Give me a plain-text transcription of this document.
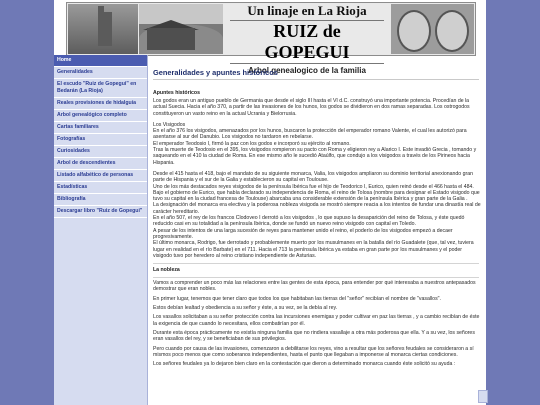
Un linaje en La Rioja
RUIZ de GOPEGUI
Arbol genealogico de la familia
Home
Generalidades
El escudo "Ruiz de Gopegui" en Bedarán (La Rioja)
Reales provisiones de hidalguía
Arbol genealógico completo
Cartas familiares
Fotografías
Curiosidades
Arbol de descendientes
Listado alfabético de personas
Estadísticas
Bibliografía
Descargar libro "Ruiz de Gopegui"
Generalidades y apuntes históricos
Apuntes históricos

Los godos eran un antiguo pueblo de Germania que desde el siglo III hasta el VI d.C. construyó una importante potencia. Procedían de la actual Suecia. Hacia el año 370, a partir de las invasiones de los hunos, los godos se dividieron en dos ramas separadas. Los ostrogodos constituyeron un vasto reino en la actual Ucrania y Bielorrusia.

Los Visigodos

En el año 376 los visigodos, amenazados por los hunos, buscaron la protección del emperador romano Valente, el cual les autorizó para asentarse al sur del Danubio. Los visigodos no tardaron en rebelarse.

El emperador Teodosio I, firmó la paz con los godos e incorporó su ejército al romano.

Tras la muerte de Teodosio en el 395, los visigodos rompieron su pacto con Roma y eligieron rey a Alarico I. Este invadió Grecia , tomando y saqueando en el 410 la ciudad de Roma. En ese mismo año le sucedió Ataúlfo, que condujo a los visigodos a través de los Pirineos hacia Hispania.

Desde el 415 hasta el 418, bajo el mandato de su siguiente monarca, Valia, los visigodos ampliaron su dominio territorial anexionando gran parte de Hispania y el sur de la Galia y establecieron su capital en Toulouse.

Uno de los más destacados reyes visigodos de la península Ibérica fue el hijo de Teodorico I, Eurico, quien reinó desde el 466 hasta el 484. Bajo el gobierno de Eurico, que había declarado su independencia de Roma, el reino de Tolosa (nombre para designar el Estado visigodo que tuvo su capital en la ciudad francesa de Toulouse) abarcaba una considerable extensión de la península Ibérica y gran parte de la Galia .

La designación del monarca era electiva y la poderosa nobleza visigoda se mostró siempre reacia a los intentos de fundar una dinastía real de carácter hereditario.

En el año 507, el rey de los francos Clodoveo I derrotó a los visigodos , lo que supuso la desaparición del reino de Tolosa, y éste quedó reducido casi en su totalidad a la península Ibérica, donde se fundó un nuevo reino visigodo con capital en Toledo.

A pesar de los intentos de una larga sucesión de reyes para mantener unido el reino, el poderío de los visigodos empezó a decaer progresivamente.

El último monarca, Rodrigo, fue derrotado y probablemente muerto por los musulmanes en la batalla del río Guadalete (que, tal vez, tuviera lugar en realidad en el río Barbate) en el 711. Hacia el 713 la península Ibérica ya estaba en gran parte por los musulmanes y el poder visigodo tuvo por heredero al reino cristiano independiente de Asturias.

La nobleza

Vamos a comprender un poco más las relaciones entre las gentes de esta época, para entender por qué interesaba a nuestros antepasados demostrar que eran nobles.

En primer lugar, tenemos que tener claro que todos los que habitaban las tierras del "señor" recibían el nombre de "vasallos".

Estos debían lealtad y obediencia a su señor y éste, a su vez, se la debía al rey.

Los vasallos solicitaban a su señor protección contra las incursiones enemigas y poder cultivar en paz las tierras , y a cambio recibían de éste la exigencia de que cuando lo necesitara, ellos combatirían por él.

Durante esta época prácticamente no existía ninguna familia que no rindiera vasallaje a otra más poderosa que ella. Y a su vez, los señores eran vasallos del rey, y se beneficiaban de sus privilegios.

Pero cuando por causa de las invasiones, comenzaron a debilitarse los reyes, vino a resultar que los señores feudales se consideraron a sí mismos poco menos que como soberanos independientes, hasta el punto que llegaban a imponerse al monarca ciertas condiciones.

Los señores feudales ya lo dejaron bien claro en la contestación que dieron a determinado monarca cuando éste solicitó su ayuda :
